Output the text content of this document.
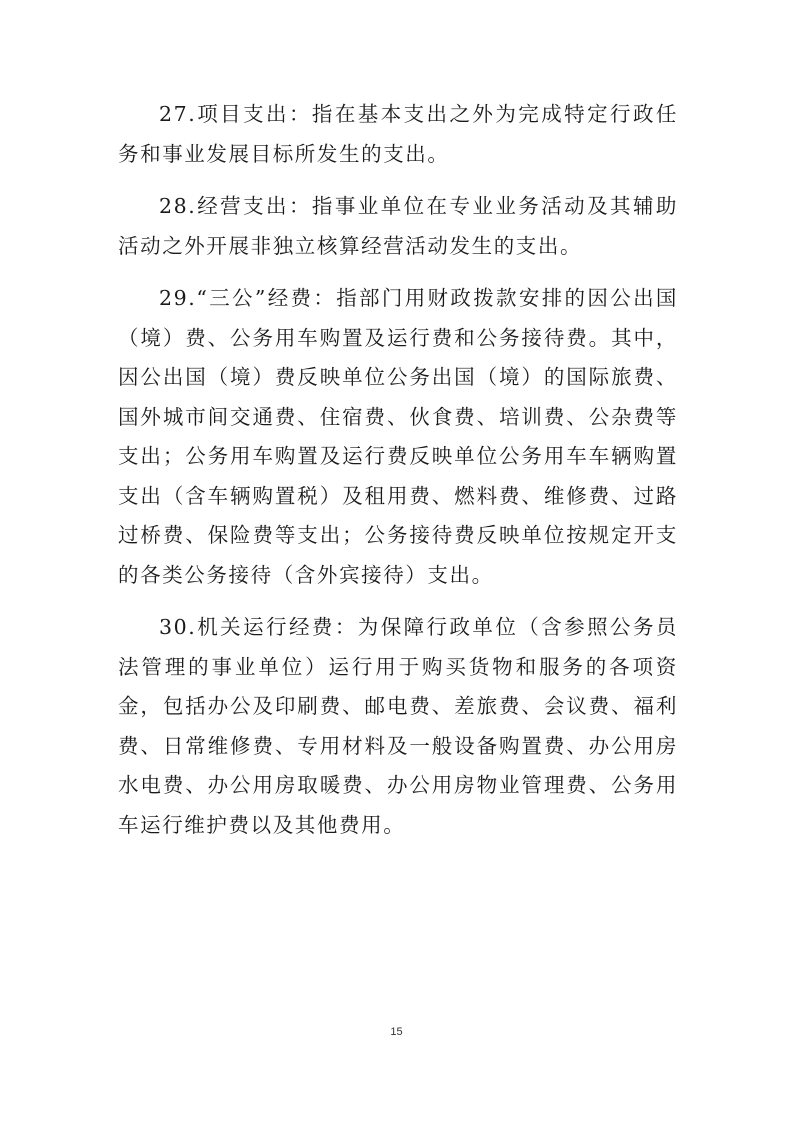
27.项目支出：指在基本支出之外为完成特定行政任务和事业发展目标所发生的支出。

28.经营支出：指事业单位在专业业务活动及其辅助活动之外开展非独立核算经营活动发生的支出。

29.“三公”经费：指部门用财政拨款安排的因公出国（境）费、公务用车购置及运行费和公务接待费。其中，因公出国（境）费反映单位公务出国（境）的国际旅费、国外城市间交通费、住宿费、伙食费、培训费、公杂费等支出；公务用车购置及运行费反映单位公务用车车辆购置支出（含车辆购置税）及租用费、燃料费、维修费、过路过桥费、保险费等支出；公务接待费反映单位按规定开支的各类公务接待（含外宾接待）支出。

30.机关运行经费：为保障行政单位（含参照公务员法管理的事业单位）运行用于购买货物和服务的各项资金，包括办公及印刷费、邮电费、差旅费、会议费、福利费、日常维修费、专用材料及一般设备购置费、办公用房水电费、办公用房取暖费、办公用房物业管理费、公务用车运行维护费以及其他费用。

15
